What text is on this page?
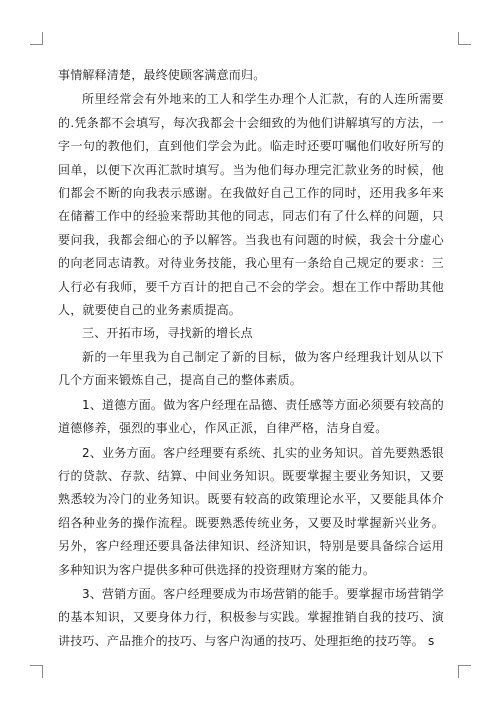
事情解释清楚，最终使顾客满意而归。

所里经常会有外地来的工人和学生办理个人汇款，有的人连所需要的.凭条都不会填写，每次我都会十会细致的为他们讲解填写的方法，一字一句的教他们，直到他们学会为此。临走时还要叮嘱他们收好所写的回单，以便下次再汇款时填写。当为他们每办理完汇款业务的时候，他们都会不断的向我表示感谢。在我做好自己工作的同时，还用我多年来在储蓄工作中的经验来帮助其他的同志，同志们有了什么样的问题，只要问我，我都会细心的予以解答。当我也有问题的时候，我会十分虚心的向老同志请教。对待业务技能，我心里有一条给自己规定的要求：三人行必有我师，要千方百计的把自己不会的学会。想在工作中帮助其他人，就要使自己的业务素质提高。

三、开拓市场，寻找新的增长点

新的一年里我为自己制定了新的目标，做为客户经理我计划从以下几个方面来锻炼自己，提高自己的整体素质。

1、道德方面。做为客户经理在品德、责任感等方面必须要有较高的道德修养，强烈的事业心，作风正派，自律严格，洁身自爱。

2、业务方面。客户经理要有系统、扎实的业务知识。首先要熟悉银行的贷款、存款、结算、中间业务知识。既要掌握主要业务知识，又要熟悉较为冷门的业务知识。既要有较高的政策理论水平，又要能具体介绍各种业务的操作流程。既要熟悉传统业务，又要及时掌握新兴业务。另外，客户经理还要具备法律知识、经济知识，特别是要具备综合运用多种知识为客户提供多种可供选择的投资理财方案的能力。

3、营销方面。客户经理要成为市场营销的能手。要掌握市场营销学的基本知识，又要身体力行，积极参与实践。掌握推销自我的技巧、演讲技巧、产品推介的技巧、与客户沟通的技巧、处理拒绝的技巧等。 s
